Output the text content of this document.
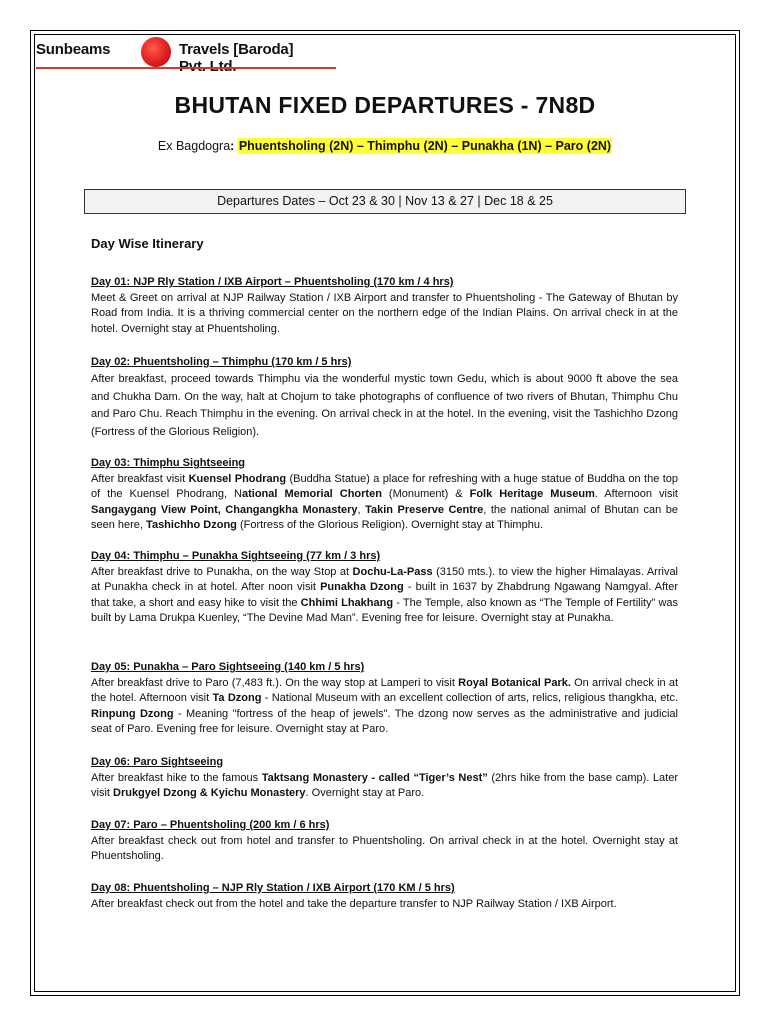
Sunbeams	Travels [Baroda]
BHUTAN FIXED DEPARTURES - 7N8D
Ex Bagdogra: Phuentsholing (2N) – Thimphu (2N) – Punakha (1N) – Paro (2N)
Departures Dates – Oct 23 & 30 | Nov 13 & 27 | Dec 18 & 25
Day Wise Itinerary
Day 01: NJP Rly Station / IXB Airport – Phuentsholing (170 km / 4 hrs)
Meet & Greet on arrival at NJP Railway Station / IXB Airport and transfer to Phuentsholing - The Gateway of Bhutan by Road from India. It is a thriving commercial center on the northern edge of the Indian Plains. On arrival check in at the hotel. Overnight stay at Phuentsholing.
Day 02: Phuentsholing – Thimphu (170 km / 5 hrs)
After breakfast, proceed towards Thimphu via the wonderful mystic town Gedu, which is about 9000 ft above the sea and Chukha Dam. On the way, halt at Chojum to take photographs of confluence of two rivers of Bhutan, Thimphu Chu and Paro Chu. Reach Thimphu in the evening. On arrival check in at the hotel. In the evening, visit the Tashichho Dzong (Fortress of the Glorious Religion).
Day 03: Thimphu Sightseeing
After breakfast visit Kuensel Phodrang (Buddha Statue) a place for refreshing with a huge statue of Buddha on the top of the Kuensel Phodrang, National Memorial Chorten (Monument) & Folk Heritage Museum. Afternoon visit Sangaygang View Point, Changangkha Monastery, Takin Preserve Centre, the national animal of Bhutan can be seen here, Tashichho Dzong (Fortress of the Glorious Religion). Overnight stay at Thimphu.
Day 04: Thimphu – Punakha Sightseeing (77 km / 3 hrs)
After breakfast drive to Punakha, on the way Stop at Dochu-La-Pass (3150 mts.). to view the higher Himalayas. Arrival at Punakha check in at hotel. After noon visit Punakha Dzong - built in 1637 by Zhabdrung Ngawang Namgyal. After that take, a short and easy hike to visit the Chhimi Lhakhang - The Temple, also known as “The Temple of Fertility” was built by Lama Drukpa Kuenley, “The Devine Mad Man”. Evening free for leisure. Overnight stay at Punakha.
Day 05: Punakha – Paro Sightseeing (140 km / 5 hrs)
After breakfast drive to Paro (7,483 ft.). On the way stop at Lamperi to visit Royal Botanical Park. On arrival check in at the hotel. Afternoon visit Ta Dzong - National Museum with an excellent collection of arts, relics, religious thangkha, etc. Rinpung Dzong - Meaning "fortress of the heap of jewels". The dzong now serves as the administrative and judicial seat of Paro. Evening free for leisure. Overnight stay at Paro.
Day 06: Paro Sightseeing
After breakfast hike to the famous Taktsang Monastery - called “Tiger’s Nest” (2hrs hike from the base camp). Later visit Drukgyel Dzong & Kyichu Monastery. Overnight stay at Paro.
Day 07: Paro – Phuentsholing (200 km / 6 hrs)
After breakfast check out from hotel and transfer to Phuentsholing. On arrival check in at the hotel. Overnight stay at Phuentsholing.
Day 08: Phuentsholing – NJP Rly Station / IXB Airport (170 KM / 5 hrs)
After breakfast check out from the hotel and take the departure transfer to NJP Railway Station / IXB Airport.
